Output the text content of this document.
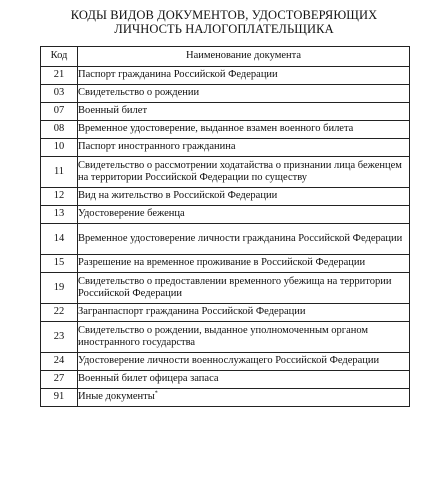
КОДЫ ВИДОВ ДОКУМЕНТОВ, УДОСТОВЕРЯЮЩИХ
ЛИЧНОСТЬ НАЛОГОПЛАТЕЛЬЩИКА
Код	Наименование документа
21	Паспорт гражданина Российской Федерации
03	Свидетельство о рождении
07	Военный билет
08	Временное удостоверение, выданное взамен военного билета
10	Паспорт иностранного гражданина
11	Свидетельство о рассмотрении ходатайства о признании лица беженцем на территории Российской Федерации по существу
12	Вид на жительство в Российской Федерации
13	Удостоверение беженца
14	Временное удостоверение личности гражданина Российской Федерации
15	Разрешение на временное проживание в Российской Федерации
19	Свидетельство о предоставлении временного убежища на территории Российской Федерации
22	Загранпаспорт гражданина Российской Федерации
23	Свидетельство о рождении, выданное уполномоченным органом иностранного государства
24	Удостоверение личности военнослужащего Российской Федерации
27	Военный билет офицера запаса
91	Иные документы*
